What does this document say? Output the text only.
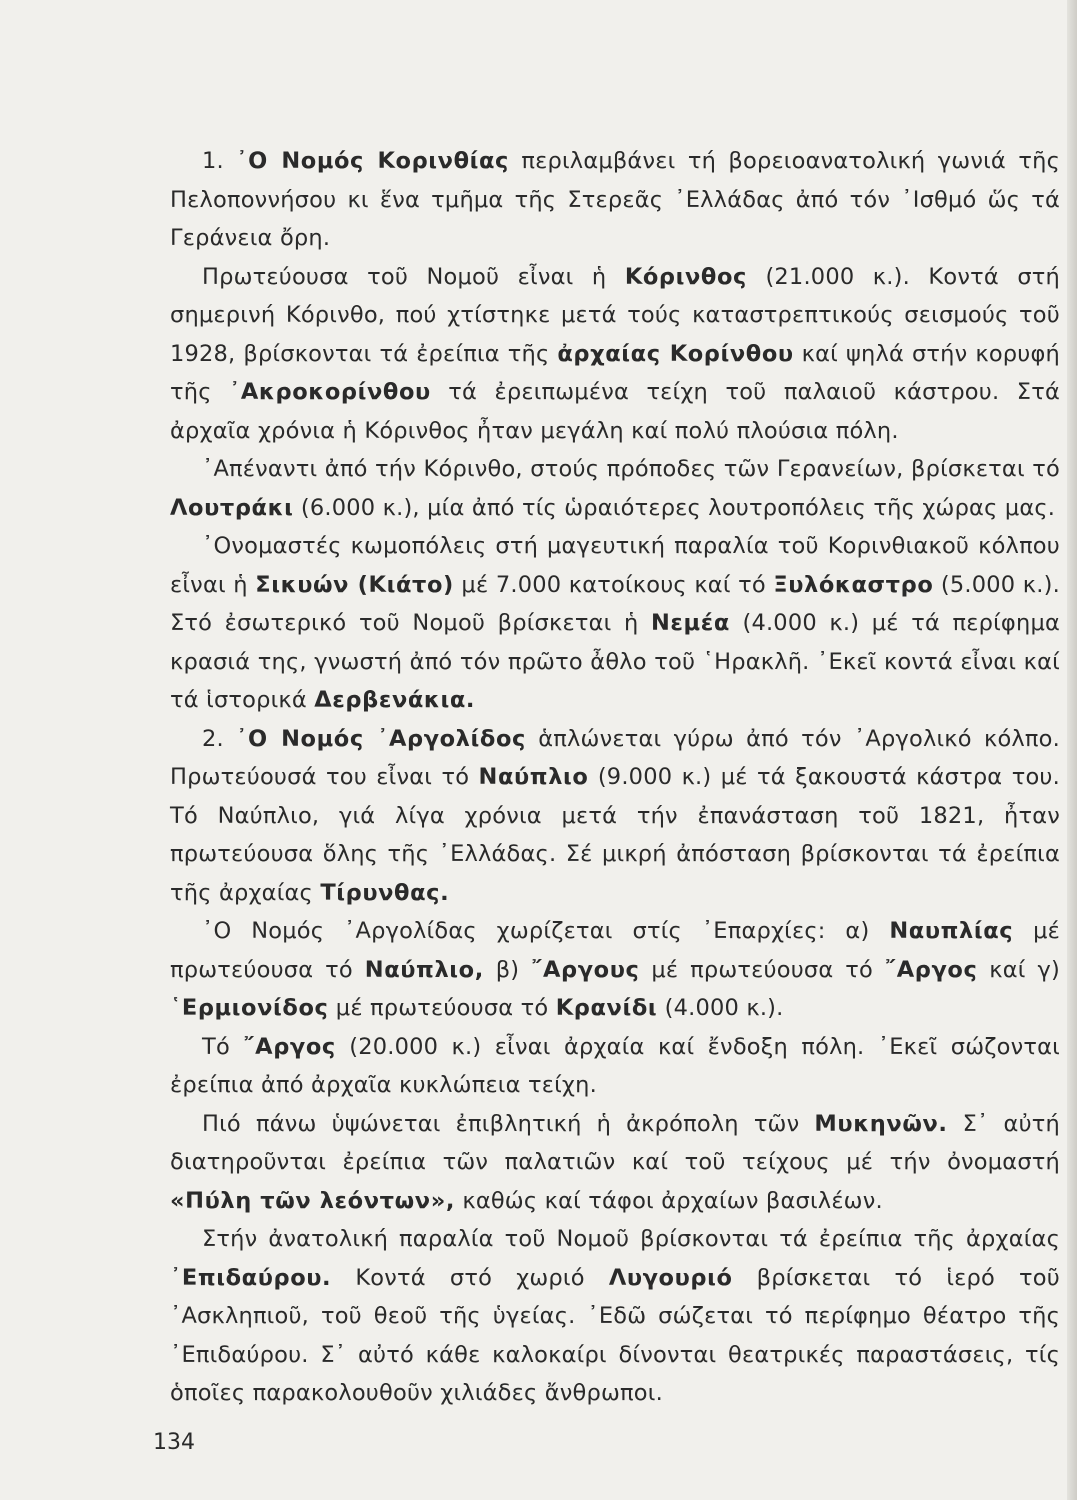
1. ᾽Ο Νομός Κορινθίας περιλαμβάνει τή βορειοανατολική γωνιά τῆς Πελοποννήσου κι ἕνα τμῆμα τῆς Στερεᾶς ᾽Ελλάδας ἀπό τόν ᾽Ισθμό ὥς τά Γεράνεια ὄρη.

Πρωτεύουσα τοῦ Νομοῦ εἶναι ἡ Κόρινθος (21.000 κ.). Κοντά στή σημερινή Κόρινθο, πού χτίστηκε μετά τούς καταστρεπτικούς σεισμούς τοῦ 1928, βρίσκονται τά ἐρείπια τῆς ἀρχαίας Κορίνθου καί ψηλά στήν κορυφή τῆς ᾽Ακροκορίνθου τά ἐρειπωμένα τείχη τοῦ παλαιοῦ κάστρου. Στά ἀρχαῖα χρόνια ἡ Κόρινθος ἦταν μεγάλη καί πολύ πλούσια πόλη.

᾽Απέναντι ἀπό τήν Κόρινθο, στούς πρόποδες τῶν Γερανείων, βρίσκεται τό Λουτράκι (6.000 κ.), μία ἀπό τίς ὡραιότερες λουτροπόλεις τῆς χώρας μας.

᾽Ονομαστές κωμοπόλεις στή μαγευτική παραλία τοῦ Κορινθιακοῦ κόλπου εἶναι ἡ Σικυών (Κιάτο) μέ 7.000 κατοίκους καί τό Ξυλόκαστρο (5.000 κ.). Στό ἐσωτερικό τοῦ Νομοῦ βρίσκεται ἡ Νεμέα (4.000 κ.) μέ τά περίφημα κρασιά της, γνωστή ἀπό τόν πρῶτο ἆθλο τοῦ ῾Ηρακλῆ. ᾽Εκεῖ κοντά εἶναι καί τά ἱστορικά Δερβενάκια.

2. ᾽Ο Νομός ᾽Αργολίδος ἁπλώνεται γύρω ἀπό τόν ᾽Αργολικό κόλπο. Πρωτεύουσά του εἶναι τό Ναύπλιο (9.000 κ.) μέ τά ξακουστά κάστρα του. Τό Ναύπλιο, γιά λίγα χρόνια μετά τήν ἐπανάσταση τοῦ 1821, ἦταν πρωτεύουσα ὅλης τῆς ᾽Ελλάδας. Σέ μικρή ἀπόσταση βρίσκονται τά ἐρείπια τῆς ἀρχαίας Τίρυνθας.

᾽Ο Νομός ᾽Αργολίδας χωρίζεται στίς ᾽Επαρχίες: α) Ναυπλίας μέ πρωτεύουσα τό Ναύπλιο, β) ῎Αργους μέ πρωτεύουσα τό ῎Αργος καί γ) ῾Ερμιονίδος μέ πρωτεύουσα τό Κρανίδι (4.000 κ.).

Τό ῎Αργος (20.000 κ.) εἶναι ἀρχαία καί ἔνδοξη πόλη. ᾽Εκεῖ σώζονται ἐρείπια ἀπό ἀρχαῖα κυκλώπεια τείχη.

Πιό πάνω ὑψώνεται ἐπιβλητική ἡ ἀκρόπολη τῶν Μυκηνῶν. Σ᾽ αὐτή διατηροῦνται ἐρείπια τῶν παλατιῶν καί τοῦ τείχους μέ τήν ὀνομαστή «Πύλη τῶν λεόντων», καθώς καί τάφοι ἀρχαίων βασιλέων.

Στήν ἀνατολική παραλία τοῦ Νομοῦ βρίσκονται τά ἐρείπια τῆς ἀρχαίας ᾽Επιδαύρου. Κοντά στό χωριό Λυγουριό βρίσκεται τό ἱερό τοῦ ᾽Ασκληπιοῦ, τοῦ θεοῦ τῆς ὑγείας. ᾽Εδῶ σώζεται τό περίφημο θέατρο τῆς ᾽Επιδαύρου. Σ᾽ αὐτό κάθε καλοκαίρι δίνονται θεατρικές παραστάσεις, τίς ὁποῖες παρακολουθοῦν χιλιάδες ἄνθρωποι.

134
